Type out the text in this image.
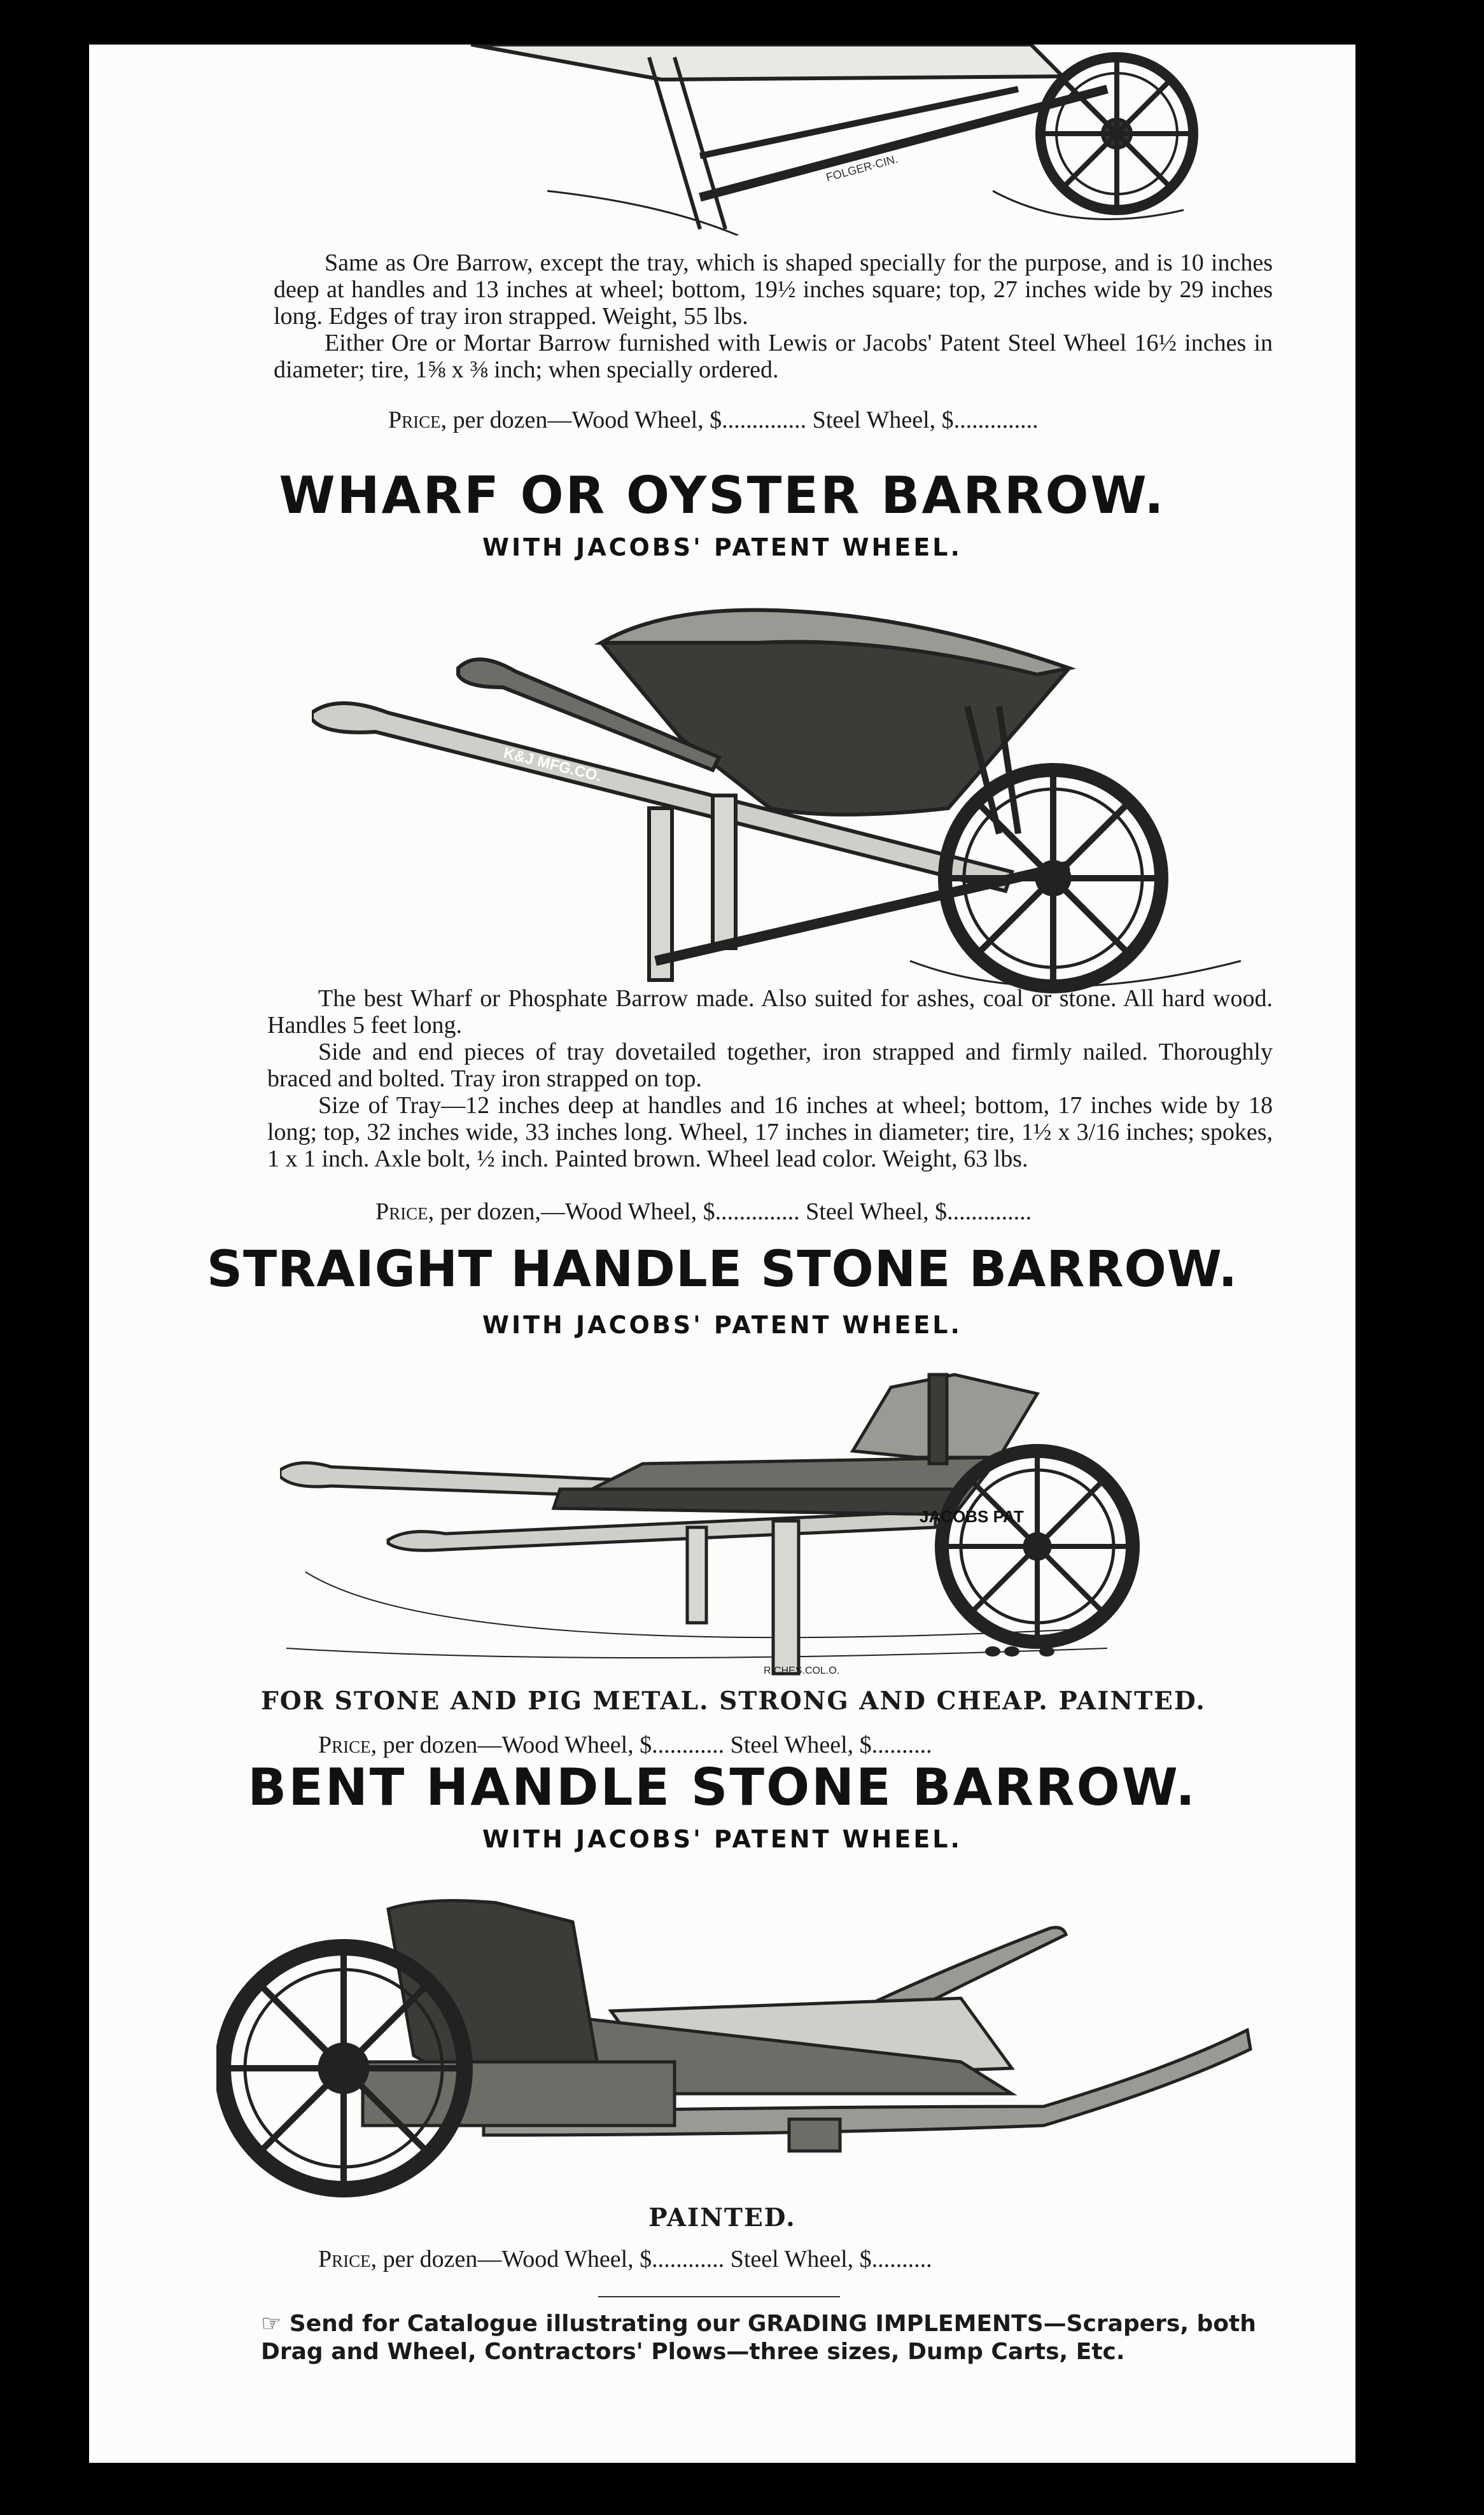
FOLGER·CIN.

Same as Ore Barrow, except the tray, which is shaped specially for the purpose, and is 10 inches deep at handles and 13 inches at wheel; bottom, 19½ inches square; top, 27 inches wide by 29 inches long. Edges of tray iron strapped. Weight, 55 lbs.

Either Ore or Mortar Barrow furnished with Lewis or Jacobs' Patent Steel Wheel 16½ inches in diameter; tire, 1⅝ x ⅜ inch; when specially ordered.

Price, per dozen—Wood Wheel, $.............. Steel Wheel, $..............
WHARF OR OYSTER BARROW.
WITH JACOBS' PATENT WHEEL.
K&J MFG.CO.

The best Wharf or Phosphate Barrow made. Also suited for ashes, coal or stone. All hard wood. Handles 5 feet long.

Side and end pieces of tray dovetailed together, iron strapped and firmly nailed. Thoroughly braced and bolted. Tray iron strapped on top.

Size of Tray—12 inches deep at handles and 16 inches at wheel; bottom, 17 inches wide by 18 long; top, 32 inches wide, 33 inches long. Wheel, 17 inches in diameter; tire, 1½ x 3/16 inches; spokes, 1 x 1 inch. Axle bolt, ½ inch. Painted brown. Wheel lead color. Weight, 63 lbs.

Price, per dozen,—Wood Wheel, $.............. Steel Wheel, $..............
STRAIGHT HANDLE STONE BARROW.
WITH JACOBS' PATENT WHEEL.
JACOBS PAT
RICHES.COL.O.
FOR STONE AND PIG METAL. STRONG AND CHEAP. PAINTED.
Price, per dozen—Wood Wheel, $............ Steel Wheel, $..........
BENT HANDLE STONE BARROW.
WITH JACOBS' PATENT WHEEL.
PAINTED.
Price, per dozen—Wood Wheel, $............ Steel Wheel, $..........
☞ Send for Catalogue illustrating our GRADING IMPLEMENTS—Scrapers, both Drag and Wheel, Contractors' Plows—three sizes, Dump Carts, Etc.
